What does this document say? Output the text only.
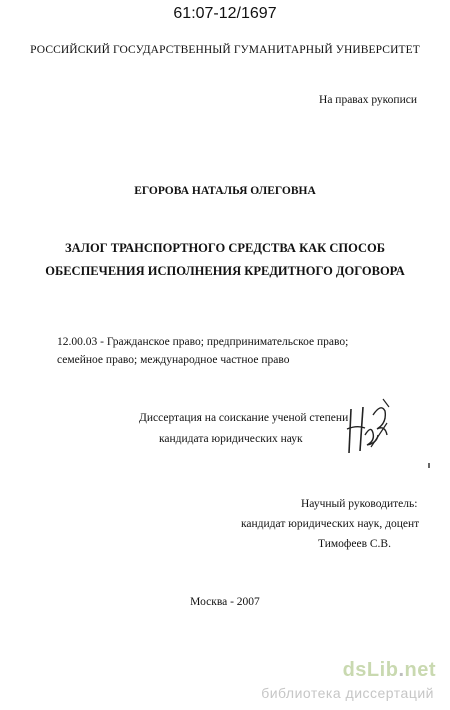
61:07-12/1697
РОССИЙСКИЙ ГОСУДАРСТВЕННЫЙ ГУМАНИТАРНЫЙ УНИВЕРСИТЕТ
На правах рукописи
ЕГОРОВА НАТАЛЬЯ ОЛЕГОВНА
ЗАЛОГ ТРАНСПОРТНОГО СРЕДСТВА КАК СПОСОБ
ОБЕСПЕЧЕНИЯ ИСПОЛНЕНИЯ КРЕДИТНОГО ДОГОВОРА
12.00.03 - Гражданское право; предпринимательское право;
семейное право; международное частное право
Диссертация на соискание ученой степени
кандидата юридических наук
Научный руководитель:
кандидат юридических наук, доцент
Тимофеев С.В.
Москва - 2007
dsLib.net
библиотека диссертаций
